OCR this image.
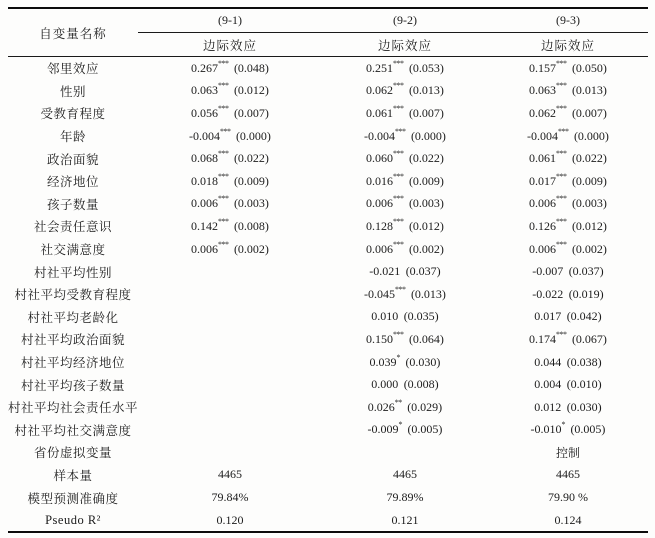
自变量名称	(9-1)	(9-2)	(9-3)
	边际效应	边际效应	边际效应
邻里效应	0.267*** (0.048)	0.251*** (0.053)	0.157*** (0.050)
性别	0.063*** (0.012)	0.062*** (0.013)	0.063*** (0.013)
受教育程度	0.056*** (0.007)	0.061*** (0.007)	0.062*** (0.007)
年龄	-0.004*** (0.000)	-0.004*** (0.000)	-0.004*** (0.000)
政治面貌	0.068*** (0.022)	0.060*** (0.022)	0.061*** (0.022)
经济地位	0.018*** (0.009)	0.016*** (0.009)	0.017*** (0.009)
孩子数量	0.006*** (0.003)	0.006*** (0.003)	0.006*** (0.003)
社会责任意识	0.142*** (0.008)	0.128*** (0.012)	0.126*** (0.012)
社交满意度	0.006*** (0.002)	0.006*** (0.002)	0.006*** (0.002)
村社平均性别		-0.021 (0.037)	-0.007 (0.037)
村社平均受教育程度		-0.045*** (0.013)	-0.022 (0.019)
村社平均老龄化		0.010 (0.035)	0.017 (0.042)
村社平均政治面貌		0.150*** (0.064)	0.174*** (0.067)
村社平均经济地位		0.039* (0.030)	0.044 (0.038)
村社平均孩子数量		0.000 (0.008)	0.004 (0.010)
村社平均社会责任水平		0.026** (0.029)	0.012 (0.030)
村社平均社交满意度		-0.009* (0.005)	-0.010* (0.005)
省份虚拟变量			控制
样本量	4465	4465	4465
模型预测准确度	79.84%	79.89%	79.90 %
Pseudo R²	0.120	0.121	0.124
